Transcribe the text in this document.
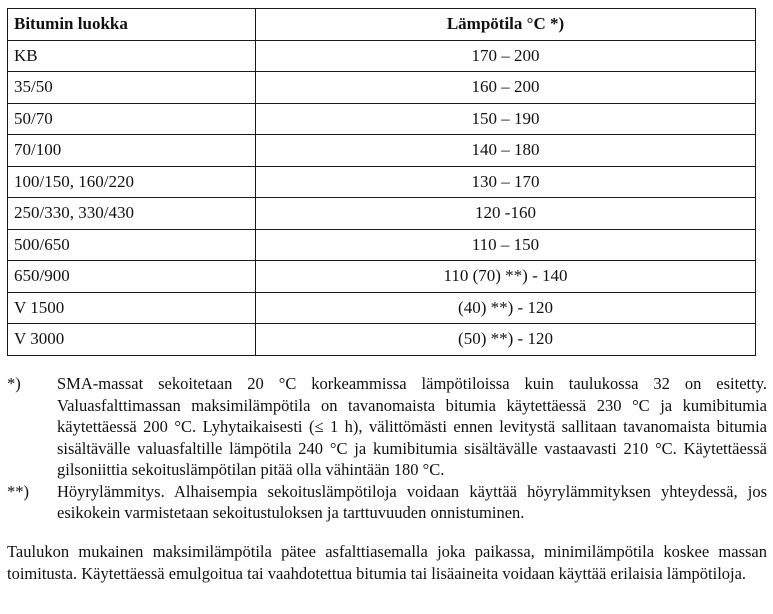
Bitumin luokka	Lämpötila °C *)
KB	170 – 200
35/50	160 – 200
50/70	150 – 190
70/100	140 – 180
100/150, 160/220	130 – 170
250/330, 330/430	120 -160
500/650	110 – 150
650/900	110 (70) **) - 140
V 1500	(40) **) - 120
V 3000	(50) **) - 120
*)	SMA-massat sekoitetaan 20 °C korkeammissa lämpötiloissa kuin taulukossa 32 on esitetty. Valuasfalttimassan maksimilämpötila on tavanomaista bitumia käytettäessä 230 °C ja kumibitumia käytettäessä 200 °C. Lyhytaikaisesti (≤ 1 h), välittömästi ennen levitystä sallitaan tavanomaista bitumia sisältävälle valuasfaltille lämpötila 240 °C ja kumibitumia sisältävälle vastaavasti 210 °C. Käytettäessä gilsoniittia sekoituslämpötilan pitää olla vähintään 180 °C.
**)	Höyrylämmitys. Alhaisempia sekoituslämpötiloja voidaan käyttää höyrylämmityksen yhteydessä, jos esikokein varmistetaan sekoitustuloksen ja tarttuvuuden onnistuminen.
Taulukon mukainen maksimilämpötila pätee asfalttiasemalla joka paikassa, minimilämpötila koskee massan toimitusta. Käytettäessä emulgoitua tai vaahdotettua bitumia tai lisäaineita voidaan käyttää erilaisia lämpötiloja.
